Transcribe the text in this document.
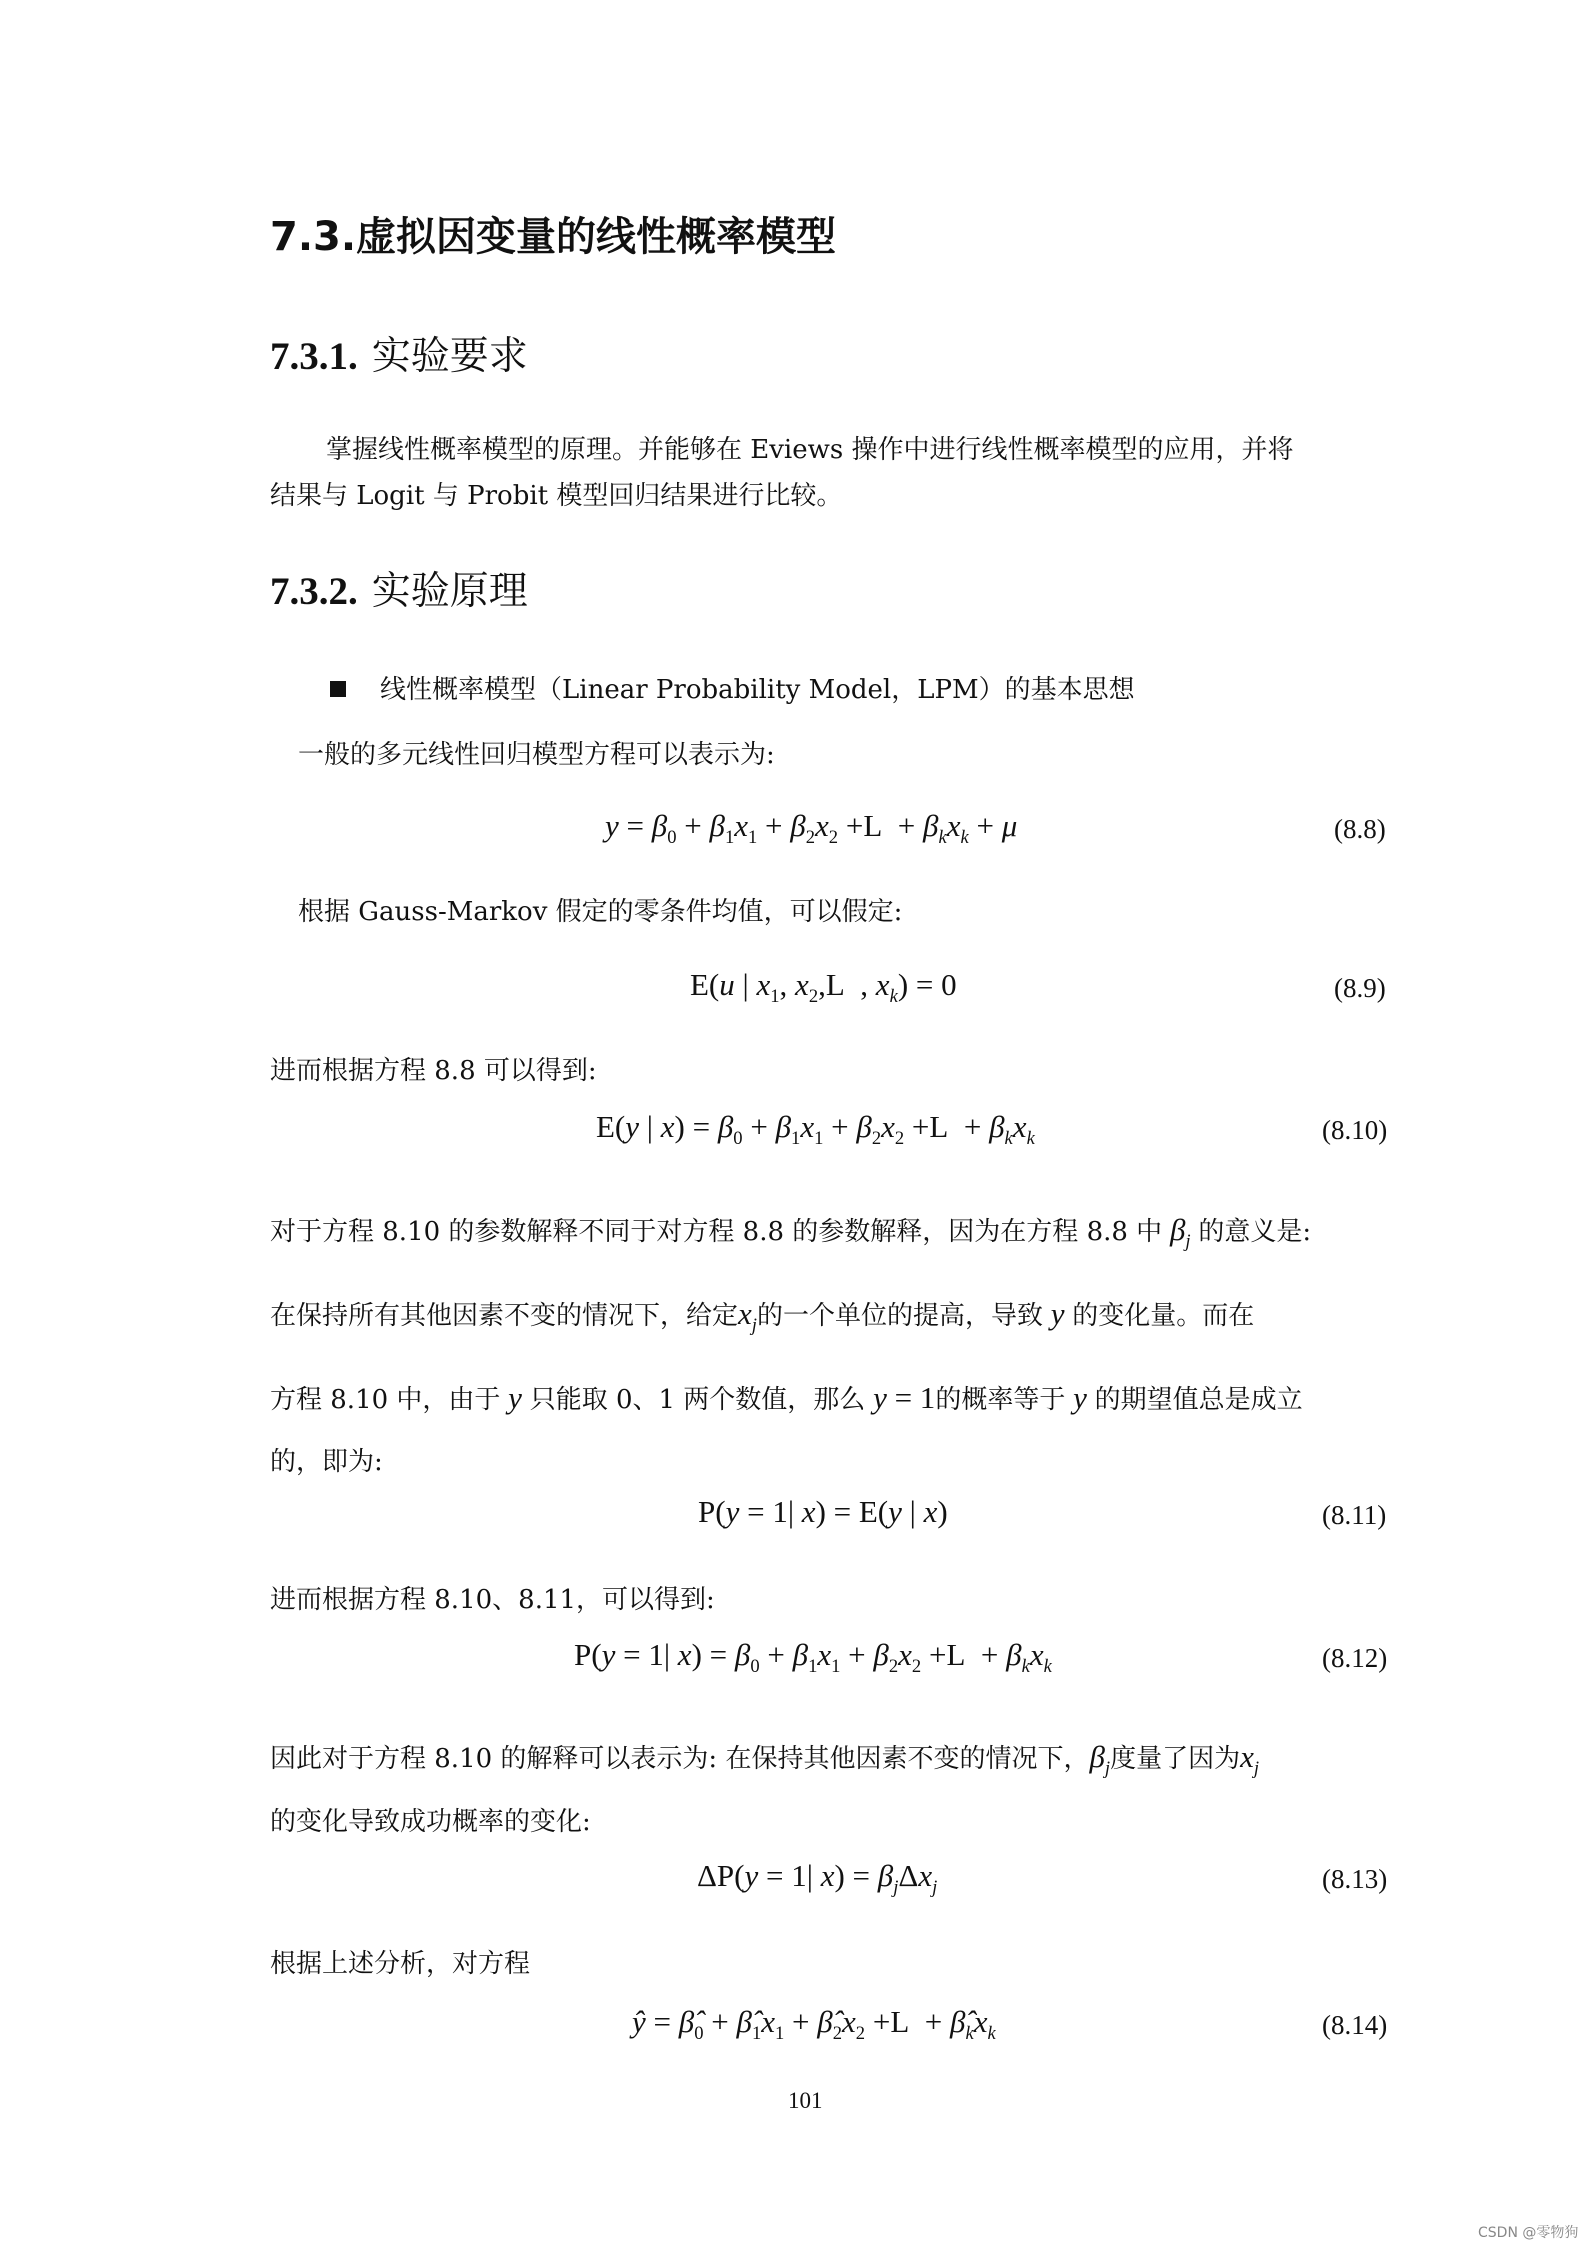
7.3.虚拟因变量的线性概率模型
7.3.1. 实验要求
掌握线性概率模型的原理。并能够在 Eviews 操作中进行线性概率模型的应用，并将
结果与 Logit 与 Probit 模型回归结果进行比较。
7.3.2. 实验原理
线性概率模型（Linear Probability Model，LPM）的基本思想
一般的多元线性回归模型方程可以表示为:
$y = \beta_0 + \beta_1x_1 + \beta_2x_2 +L + \beta_kx_k + \mu$	(8.8)
根据 Gauss-Markov 假定的零条件均值，可以假定:
E(u | $x_1$, $x_2,L$  , $x_k) = 0$	(8.9)
进而根据方程 8.8 可以得到:
E(y | $x) = \beta_0 + \beta_1x_1 + \beta_2x_2 +L + \beta_kx_k$	(8.10)
对于方程 8.10 的参数解释不同于对方程 8.8 的参数解释，因为在方程 8.8 中 $\beta_j$ 的意义是:
在保持所有其他因素不变的情况下，给定$x_j$的一个单位的提高，导致 y 的变化量。而在
方程 8.10 中，由于 y 只能取 0、1 两个数值，那么 y = 1的概率等于 y 的期望值总是成立
的，即为:
P(y = 1| x) = E(y | x)	(8.11)
进而根据方程 8.10、8.11，可以得到:
P(y = 1| $x) = \beta_0 + \beta_1x_1 + \beta_2x_2 +L + \beta_kx_k$	(8.12)
因此对于方程 8.10 的解释可以表示为: 在保持其他因素不变的情况下，$\beta_j$度量了因为$x_j$
的变化导致成功概率的变化:
ΔP(y = 1| $x) = \beta_j\Delta x_j$	(8.13)
根据上述分析，对方程
ŷ = $\betâ_0$ + $\betâ_1x_1$ + $\betâ_2x_2 +L$  + $\betâ_kx_k$	(8.14)
101
CSDN @零物狗
